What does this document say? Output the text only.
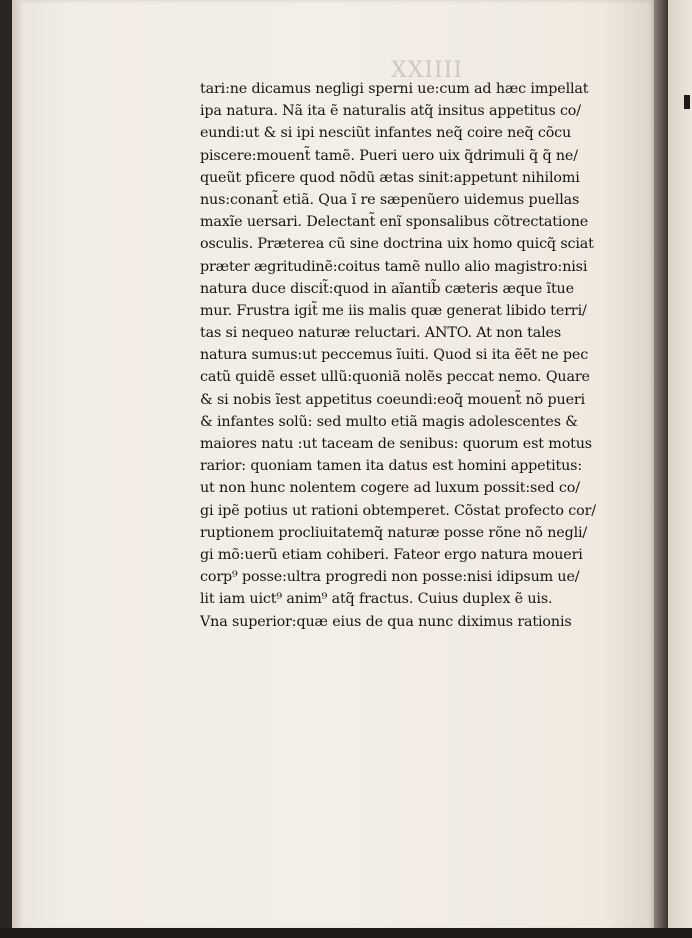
XXIIII
tari:ne dicamus negligi sperni ue:cum ad hæc impellat
ipa natura. Nã ita ẽ naturalis atq̃ insitus appetitus co/
eundi:ut & si ipi nesciũt infantes neq̃ coire neq̃ cõcu
piscere:mouent̃ tamẽ. Pueri uero uix q̃drimuli q̃ q̃ ne/
queũt pficere quod nõdũ ætas sinit:appetunt nihilomi
nus:conant̃ etiã. Qua ĩ re sæpenũero uidemus puellas
maxĩe uersari. Delectant̃ enĩ sponsalibus cõtrectatione
osculis. Præterea cũ sine doctrina uix homo quicq̃ sciat
præter ægritudinẽ:coitus tamẽ nullo alio magistro:nisi
natura duce discit̃:quod in aĩantib̃ cæteris æque ĩtue
mur. Frustra igit̃ me iis malis quæ generat libido terri/
tas si nequeo naturæ reluctari. ANTO. At non tales
natura sumus:ut peccemus ĩuiti. Quod si ita ẽẽt ne pec
catũ quidẽ esset ullũ:quoniã nolẽs peccat nemo. Quare
& si nobis ĩest appetitus coeundi:eoq̃ mouent̃ nõ pueri
& infantes solũ: sed multo etiã magis adolescentes &
maiores natu :ut taceam de senibus: quorum est motus
rarior: quoniam tamen ita datus est homini appetitus:
ut non hunc nolentem cogere ad luxum possit:sed co/
gi ipẽ potius ut rationi obtemperet. Cõstat profecto cor/
ruptionem procliuitatemq̃ naturæ posse rõne nõ negli/
gi mõ:uerũ etiam cohiberi. Fateor ergo natura moueri
corp⁹ posse:ultra progredi non posse:nisi idipsum ue/
lit iam uict⁹ anim⁹ atq̃ fractus. Cuius duplex ẽ uis.
Vna superior:quæ eius de qua nunc diximus rationis
